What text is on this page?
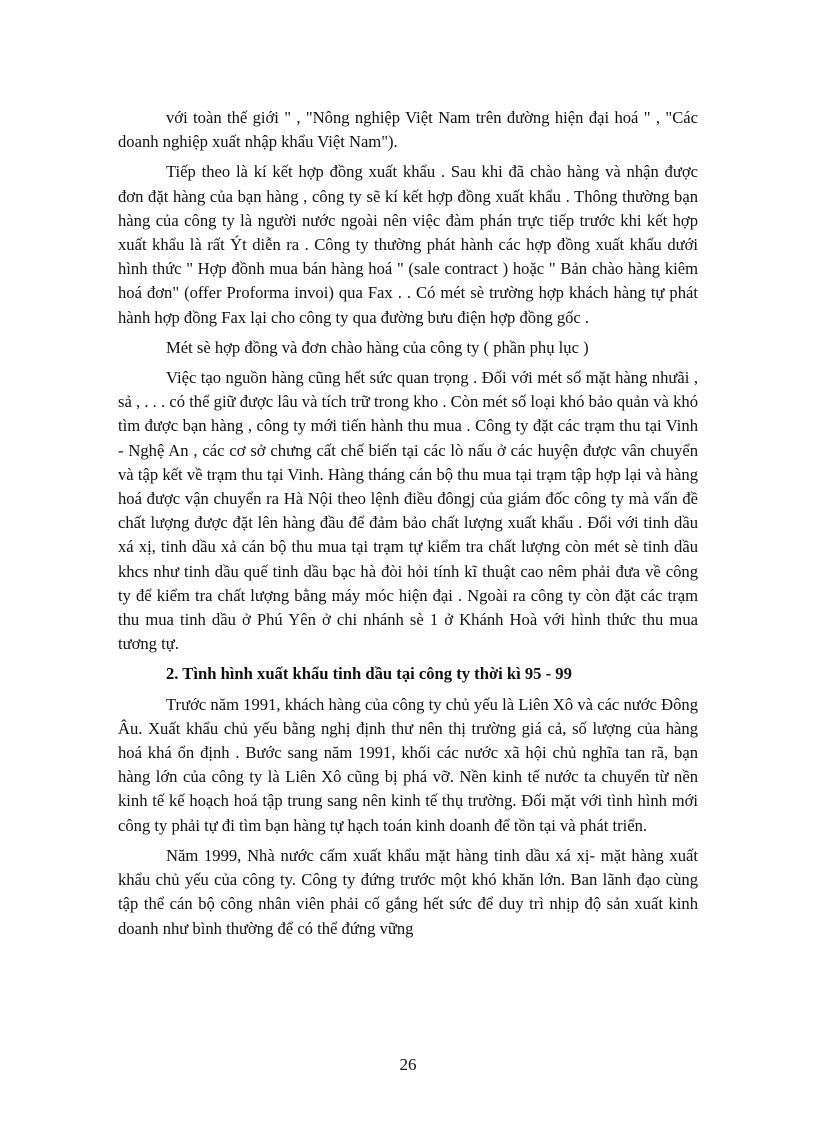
với toàn thế giới " , "Nông nghiệp Việt Nam trên đường hiện đại hoá " , "Các doanh nghiệp xuất nhập khẩu Việt Nam").

Tiếp theo là kí kết hợp đồng xuất khẩu . Sau khi đã chào hàng và nhận được đơn đặt hàng của bạn hàng , công ty sẽ kí kết hợp đồng xuất khẩu . Thông thường bạn hàng của công ty là người nước ngoài nên việc đàm phán trực tiếp trước khi kết hợp xuất khẩu là rất Ýt diễn ra . Công ty thường phát hành các hợp đồng xuất khẩu dưới hình thức " Hợp đồnh mua bán hàng hoá " (sale contract ) hoặc " Bản chào hàng kiêm hoá đơn" (offer Proforma invoi) qua Fax . . Có mét sè trường hợp khách hàng tự phát hành hợp đồng Fax lại cho công ty qua đường bưu điện hợp đồng gốc .

Mét sè hợp đồng và đơn chào hàng của công ty ( phần phụ lục )

Việc tạo nguồn hàng cũng hết sức quan trọng . Đối với mét số mặt hàng nhưãi , sả , . . . có thể giữ được lâu và tích trữ trong kho . Còn mét số loại khó bảo quản và khó tìm được bạn hàng , công ty mới tiến hành thu mua . Công ty đặt các trạm thu tại Vinh - Nghệ An , các cơ sở chưng cất chế biến tại các lò nấu ở các huyện được vân chuyển và tập kết về trạm thu tại Vinh. Hàng tháng cán bộ thu mua tại trạm tập hợp lại và hàng hoá được vận chuyển ra Hà Nội theo lệnh điều đôngj của giám đốc công ty mà vấn đề chất lượng được đặt lên hàng đầu để đảm bảo chất lượng xuất khẩu . Đối với tinh dầu xá xị, tinh dầu xả cán bộ thu mua tại trạm tự kiểm tra chất lượng còn mét sè tinh dầu khcs như tinh dầu quế tinh dầu bạc hà đòi hỏi tính kĩ thuật cao nêm phải đưa về công ty để kiểm tra chất lượng bằng máy móc hiện đại . Ngoài ra công ty còn đặt các trạm thu mua tinh dầu ở Phú Yên ở chi nhánh sè 1 ở Khánh Hoà với hình thức thu mua tương tự.

2. Tình hình xuất khẩu tinh dầu tại công ty thời kì 95 - 99

Trước năm 1991, khách hàng của công ty chủ yếu là Liên Xô và các nước Đông Âu. Xuất khẩu chủ yếu bằng nghị định thư nên thị trường giá cả, số lượng của hàng hoá khá ổn định . Bước sang năm 1991, khối các nước xã hội chủ nghĩa tan rã, bạn hàng lớn của công ty là Liên Xô cũng bị phá vỡ. Nền kinh tế nước ta chuyển từ nền kinh tế kế hoạch hoá tập trung sang nên kinh tế thụ trường. Đối mặt với tình hình mới công ty phải tự đi tìm bạn hàng tự hạch toán kinh doanh để tồn tại và phát triển.

Năm 1999, Nhà nước cấm xuất khẩu mặt hàng tinh dầu xá xị- mặt hàng xuất khẩu chủ yếu của công ty. Công ty đứng trước một khó khăn lớn. Ban lãnh đạo cùng tập thể cán bộ công nhân viên phải cố gắng hết sức để duy trì nhịp độ sản xuất kinh doanh như bình thường để có thể đứng vững

26
